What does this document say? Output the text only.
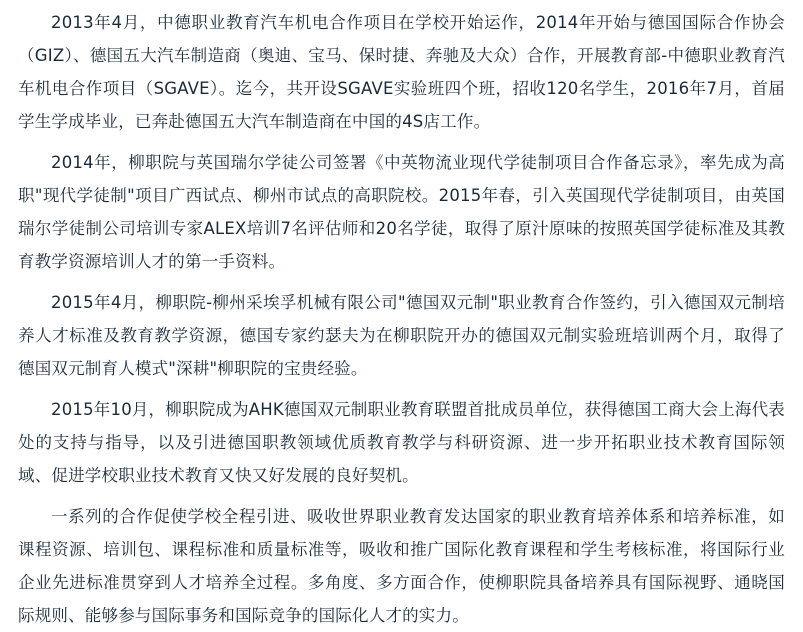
2013年4月，中德职业教育汽车机电合作项目在学校开始运作，2014年开始与德国国际合作协会（GIZ）、德国五大汽车制造商（奥迪、宝马、保时捷、奔驰及大众）合作，开展教育部-中德职业教育汽车机电合作项目（SGAVE）。迄今，共开设SGAVE实验班四个班，招收120名学生，2016年7月，首届学生学成毕业，已奔赴德国五大汽车制造商在中国的4S店工作。

2014年，柳职院与英国瑞尔学徒公司签署《中英物流业现代学徒制项目合作备忘录》，率先成为高职"现代学徒制"项目广西试点、柳州市试点的高职院校。2015年春，引入英国现代学徒制项目，由英国瑞尔学徒制公司培训专家ALEX培训7名评估师和20名学徒，取得了原汁原味的按照英国学徒标准及其教育教学资源培训人才的第一手资料。

2015年4月，柳职院-柳州采埃孚机械有限公司"德国双元制"职业教育合作签约，引入德国双元制培养人才标准及教育教学资源，德国专家约瑟夫为在柳职院开办的德国双元制实验班培训两个月，取得了德国双元制育人模式"深耕"柳职院的宝贵经验。

2015年10月，柳职院成为AHK德国双元制职业教育联盟首批成员单位，获得德国工商大会上海代表处的支持与指导，以及引进德国职教领域优质教育教学与科研资源、进一步开拓职业技术教育国际领域、促进学校职业技术教育又快又好发展的良好契机。

一系列的合作促使学校全程引进、吸收世界职业教育发达国家的职业教育培养体系和培养标准，如课程资源、培训包、课程标准和质量标准等，吸收和推广国际化教育课程和学生考核标准，将国际行业企业先进标准贯穿到人才培养全过程。多角度、多方面合作，使柳职院具备培养具有国际视野、通晓国际规则、能够参与国际事务和国际竞争的国际化人才的实力。
